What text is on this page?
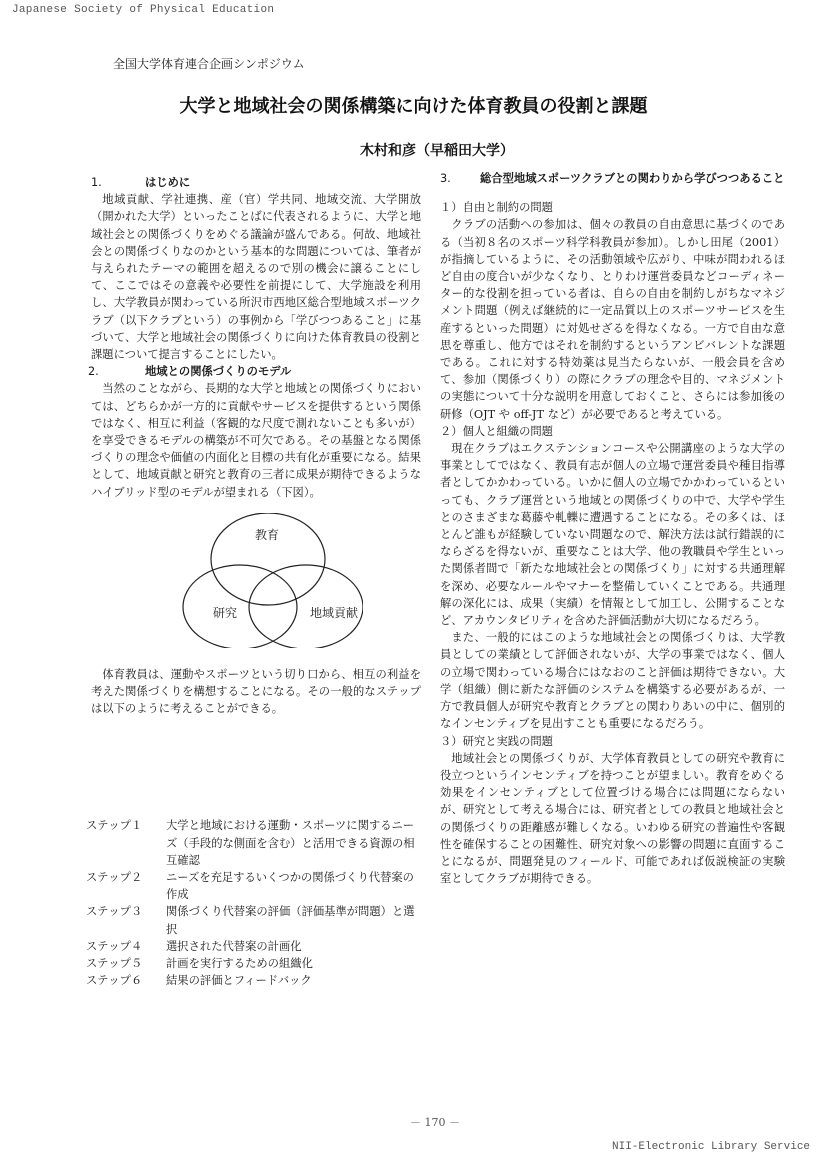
Japanese Society of Physical Education
全国大学体育連合企画シンポジウム
大学と地域社会の関係構築に向けた体育教員の役割と課題
木村和彦（早稲田大学）
1.	はじめに

地域貢献、学社連携、産（官）学共同、地域交流、大学開放（開かれた大学）といったことばに代表されるように、大学と地域社会との関係づくりをめぐる議論が盛んである。何故、地域社会との関係づくりなのかという基本的な問題については、筆者が与えられたテーマの範囲を超えるので別の機会に譲ることにして、ここではその意義や必要性を前提にして、大学施設を利用し、大学教員が関わっている所沢市西地区総合型地域スポーツクラブ（以下クラブという）の事例から「学びつつあること」に基づいて、大学と地域社会の関係づくりに向けた体育教員の役割と課題について提言することにしたい。

2.	地域との関係づくりのモデル

当然のことながら、長期的な大学と地域との関係づくりにおいては、どちらかが一方的に貢献やサービスを提供するという関係ではなく、相互に利益（客観的な尺度で測れないことも多いが）を享受できるモデルの構築が不可欠である。その基盤となる関係づくりの理念や価値の内面化と目標の共有化が重要になる。結果として、地域貢献と研究と教育の三者に成果が期待できるようなハイブリッド型のモデルが望まれる（下図）。

教育
研究	地域貢献

体育教員は、運動やスポーツという切り口から、相互の利益を考えた関係づくりを構想することになる。その一般的なステップは以下のように考えることができる。

ステップ１	大学と地域における運動・スポーツに関するニーズ（手段的な側面を含む）と活用できる資源の相互確認
ステップ２	ニーズを充足するいくつかの関係づくり代替案の作成
ステップ３	関係づくり代替案の評価（評価基準が問題）と選択
ステップ４	選択された代替案の計画化
ステップ５	計画を実行するための組織化
ステップ６	結果の評価とフィードバック
3.	総合型地域スポーツクラブとの関わりから学びつつあること
１）自由と制約の問題

クラブの活動への参加は、個々の教員の自由意思に基づくのである（当初８名のスポーツ科学科教員が参加）。しかし田尾（2001）が指摘しているように、その活動領域や広がり、中味が問われるほど自由の度合いが少なくなり、とりわけ運営委員などコーディネーター的な役割を担っている者は、自らの自由を制約しがちなマネジメント問題（例えば継続的に一定品質以上のスポーツサービスを生産するといった問題）に対処せざるを得なくなる。一方で自由な意思を尊重し、他方ではそれを制約するというアンビバレントな課題である。これに対する特効薬は見当たらないが、一般会員を含めて、参加（関係づくり）の際にクラブの理念や目的、マネジメントの実態について十分な説明を用意しておくこと、さらには参加後の研修（OJT や off-JT など）が必要であると考えている。

２）個人と組織の問題

現在クラブはエクステンションコースや公開講座のような大学の事業としてではなく、教員有志が個人の立場で運営委員や種目指導者としてかかわっている。いかに個人の立場でかかわっているといっても、クラブ運営という地域との関係づくりの中で、大学や学生とのさまざまな葛藤や軋轢に遭遇することになる。その多くは、ほとんど誰もが経験していない問題なので、解決方法は試行錯誤的にならざるを得ないが、重要なことは大学、他の教職員や学生といった関係者間で「新たな地域社会との関係づくり」に対する共通理解を深め、必要なルールやマナーを整備していくことである。共通理解の深化には、成果（実績）を情報として加工し、公開することなど、アカウンタビリティを含めた評価活動が大切になるだろう。

また、一般的にはこのような地域社会との関係づくりは、大学教員としての業績として評価されないが、大学の事業ではなく、個人の立場で関わっている場合にはなおのこと評価は期待できない。大学（組織）側に新たな評価のシステムを構築する必要があるが、一方で教員個人が研究や教育とクラブとの関わりあいの中に、個別的なインセンティブを見出すことも重要になるだろう。

３）研究と実践の問題

地域社会との関係づくりが、大学体育教員としての研究や教育に役立つというインセンティブを持つことが望ましい。教育をめぐる効果をインセンティブとして位置づける場合には問題にならないが、研究として考える場合には、研究者としての教員と地域社会との関係づくりの距離感が難しくなる。いわゆる研究の普遍性や客観性を確保することの困難性、研究対象への影響の問題に直面することになるが、問題発見のフィールド、可能であれば仮説検証の実験室としてクラブが期待できる。

－ 170 －
NII-Electronic Library Service
